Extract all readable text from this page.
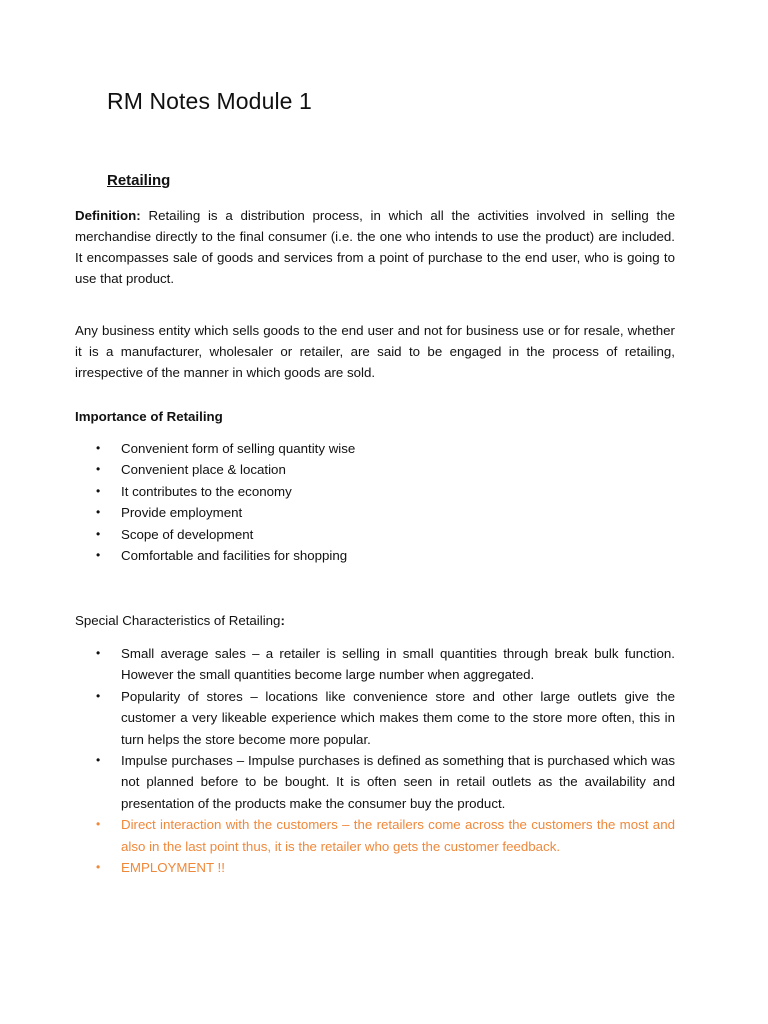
RM Notes Module 1
Retailing

Definition: Retailing is a distribution process, in which all the activities involved in selling the merchandise directly to the final consumer (i.e. the one who intends to use the product) are included. It encompasses sale of goods and services from a point of purchase to the end user, who is going to use that product.

Any business entity which sells goods to the end user and not for business use or for resale, whether it is a manufacturer, wholesaler or retailer, are said to be engaged in the process of retailing, irrespective of the manner in which goods are sold.

Importance of Retailing

• Convenient form of selling quantity wise
• Convenient place & location
• It contributes to the economy
• Provide employment
• Scope of development
• Comfortable and facilities for shopping

Special Characteristics of Retailing:

• Small average sales – a retailer is selling in small quantities through break bulk function. However the small quantities become large number when aggregated.
• Popularity of stores – locations like convenience store and other large outlets give the customer a very likeable experience which makes them come to the store more often, this in turn helps the store become more popular.
• Impulse purchases – Impulse purchases is defined as something that is purchased which was not planned before to be bought. It is often seen in retail outlets as the availability and presentation of the products make the consumer buy the product.
• Direct interaction with the customers – the retailers come across the customers the most and also in the last point thus, it is the retailer who gets the customer feedback.
• EMPLOYMENT !!
